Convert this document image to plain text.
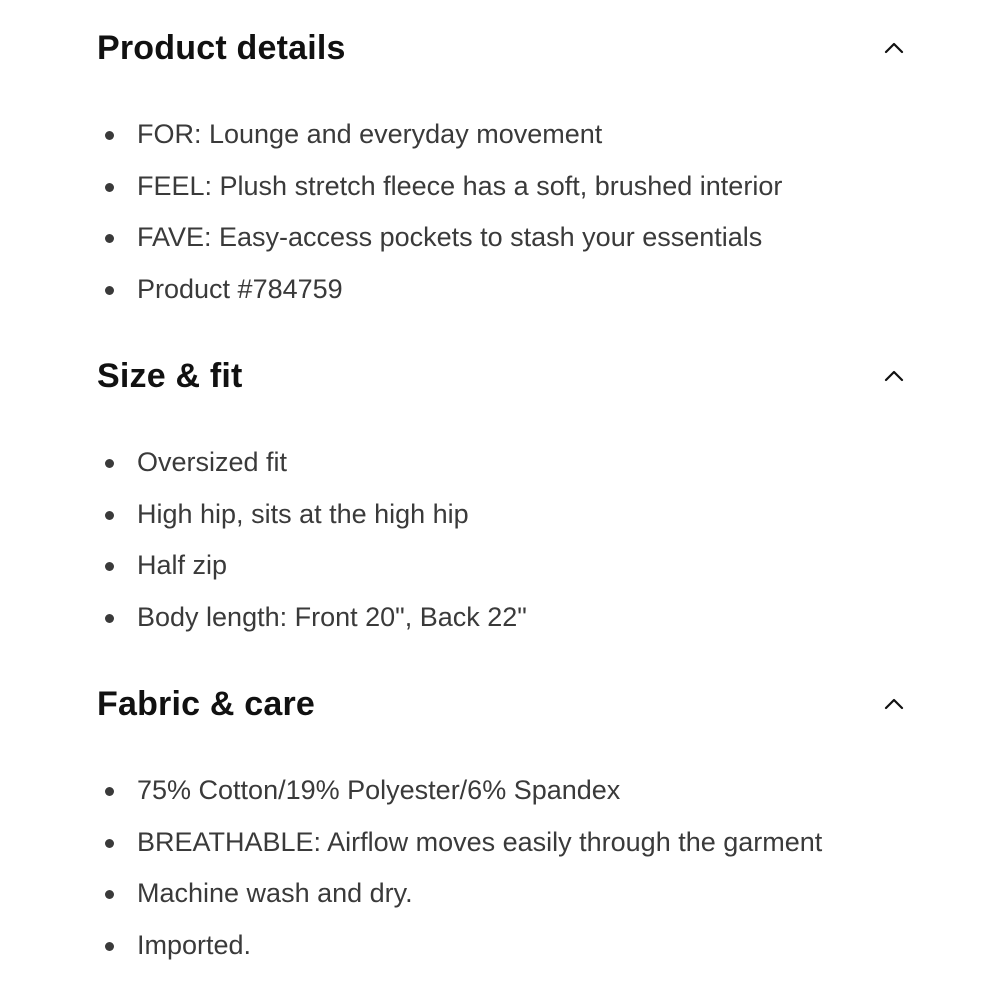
Product details
FOR: Lounge and everyday movement
FEEL: Plush stretch fleece has a soft, brushed interior
FAVE: Easy-access pockets to stash your essentials
Product #784759
Size & fit
Oversized fit
High hip, sits at the high hip
Half zip
Body length: Front 20", Back 22"
Fabric & care
75% Cotton/19% Polyester/6% Spandex
BREATHABLE: Airflow moves easily through the garment
Machine wash and dry.
Imported.
